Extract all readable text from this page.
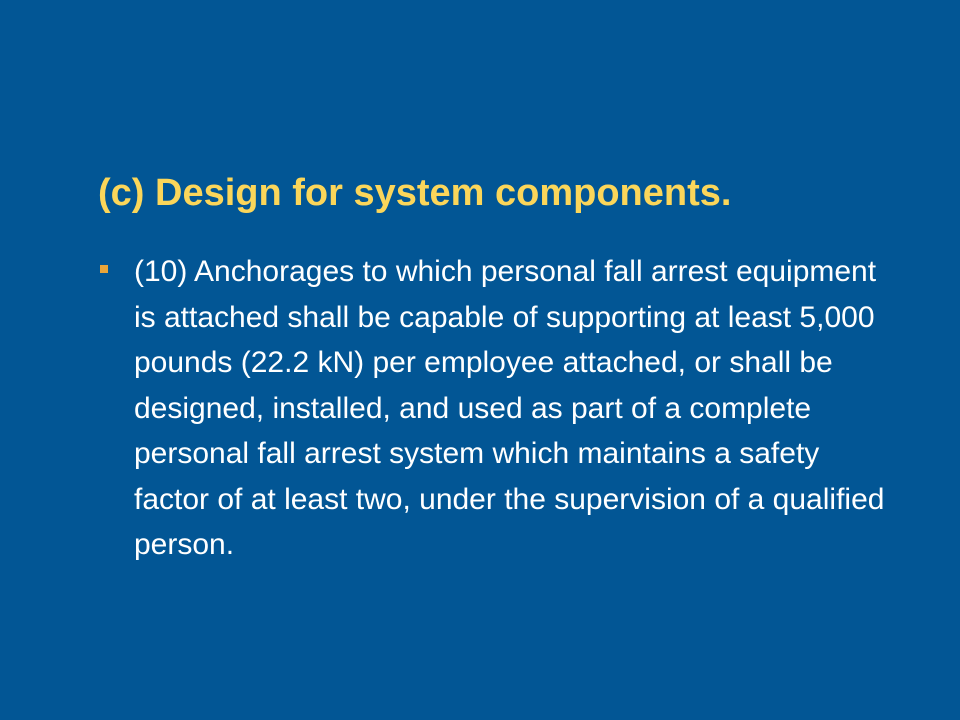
(c) Design for system components.
(10) Anchorages to which personal fall arrest equipment is attached shall be capable of supporting at least 5,000 pounds (22.2 kN) per employee attached, or shall be designed, installed, and used as part of a complete personal fall arrest system which maintains a safety factor of at least two, under the supervision of a qualified person.
